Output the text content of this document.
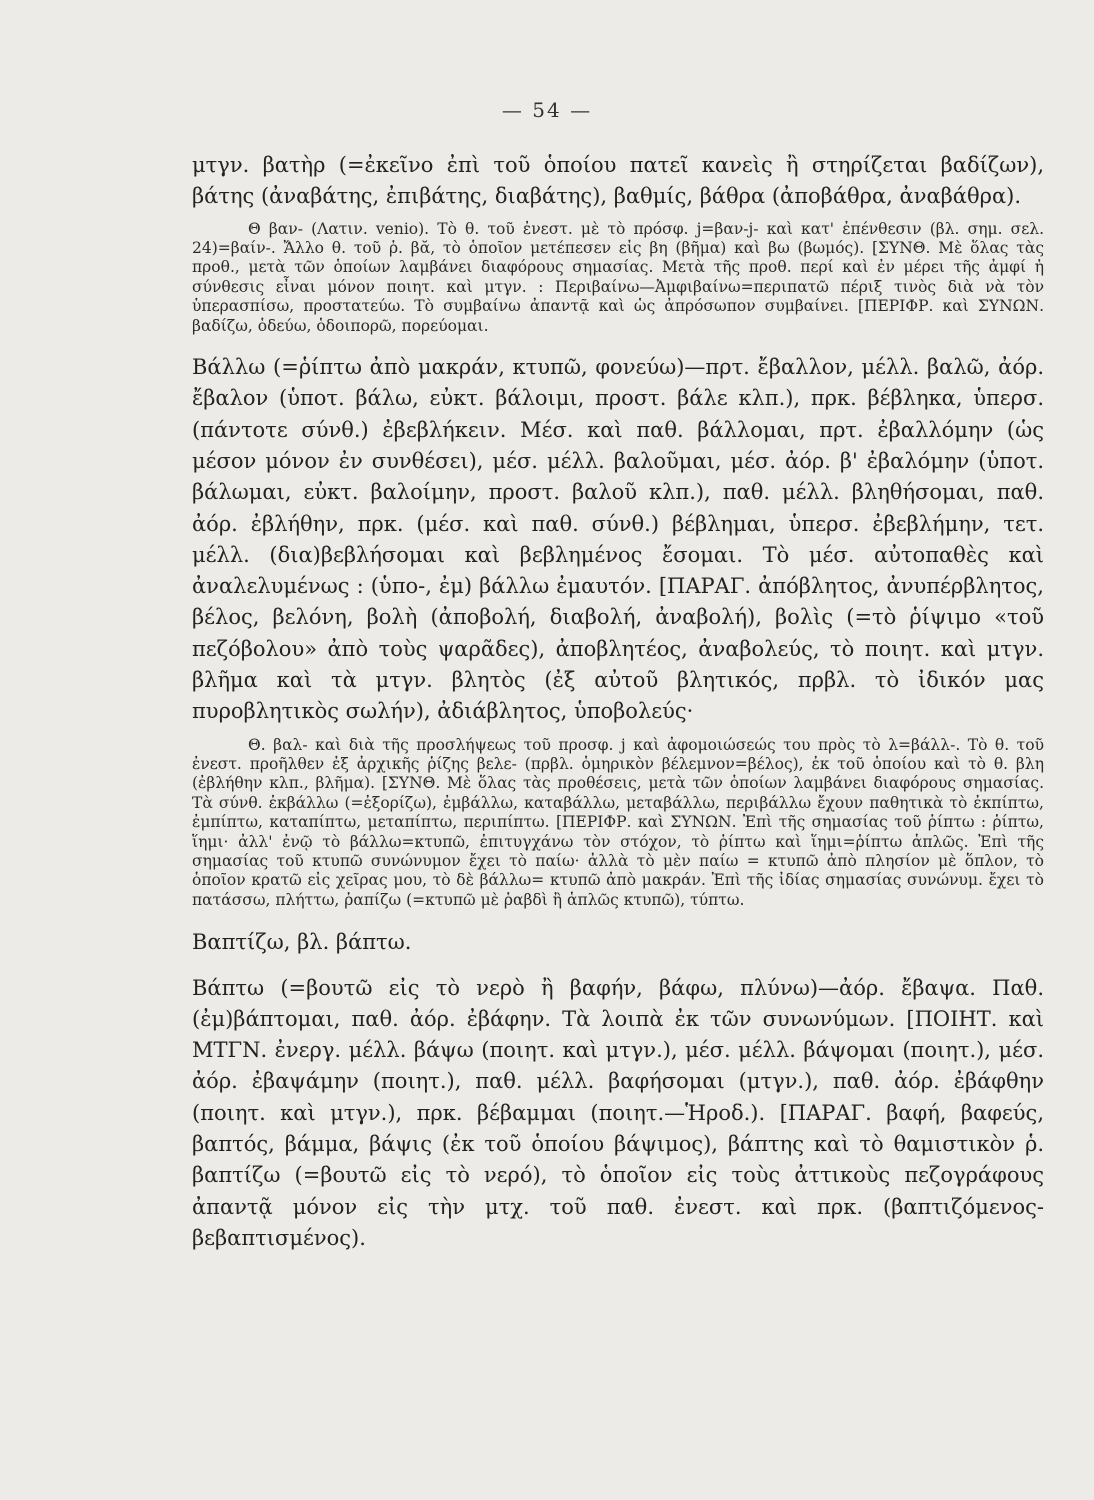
— 54 —

μτγν. βατὴρ (=ἐκεῖνο ἐπὶ τοῦ ὁποίου πατεῖ κανεὶς ἢ στηρίζεται βαδίζων), βάτης (ἀναβάτης, ἐπιβάτης, διαβάτης), βαθμίς, βάθρα (ἀποβάθρα, ἀναβάθρα).

Θ βαν- (Λατιν. venio). Τὸ θ. τοῦ ἐνεστ. μὲ τὸ πρόσφ. j=βαν-j- καὶ κατ' ἐπένθεσιν (βλ. σημ. σελ. 24)=βαίν-. Ἄλλο θ. τοῦ ῥ. βᾰ, τὸ ὁποῖον μετέπεσεν εἰς βη (βῆμα) καὶ βω (βωμός). [ΣΥΝΘ. Μὲ ὅλας τὰς προθ., μετὰ τῶν ὁποίων λαμβάνει διαφόρους σημασίας. Μετὰ τῆς προθ. περί καὶ ἐν μέρει τῆς ἀμφί ἡ σύνθεσις εἶναι μόνον ποιητ. καὶ μτγν. : Περιβαίνω—Ἀμφιβαίνω=περιπατῶ πέριξ τινὸς διὰ νὰ τὸν ὑπερασπίσω, προστατεύω. Τὸ συμβαίνω ἀπαντᾷ καὶ ὡς ἀπρόσωπον συμβαίνει. [ΠΕΡΙΦΡ. καὶ ΣΥΝΩΝ. βαδίζω, ὁδεύω, ὁδοιπορῶ, πορεύομαι.

Βάλλω (=ῥίπτω ἀπὸ μακράν, κτυπῶ, φονεύω)—πρτ. ἔβαλλον, μέλλ. βαλῶ, ἀόρ. ἔβαλον (ὑποτ. βάλω, εὐκτ. βάλοιμι, προστ. βάλε κλπ.), πρκ. βέβληκα, ὑπερσ. (πάντοτε σύνθ.) ἐβεβλήκειν. Μέσ. καὶ παθ. βάλλομαι, πρτ. ἐβαλλόμην (ὡς μέσον μόνον ἐν συνθέσει), μέσ. μέλλ. βαλοῦμαι, μέσ. ἀόρ. β' ἐβαλόμην (ὑποτ. βάλωμαι, εὐκτ. βαλοίμην, προστ. βαλοῦ κλπ.), παθ. μέλλ. βληθήσομαι, παθ. ἀόρ. ἐβλήθην, πρκ. (μέσ. καὶ παθ. σύνθ.) βέβλημαι, ὑπερσ. ἐβεβλήμην, τετ. μέλλ. (δια)βεβλήσομαι καὶ βεβλημένος ἔσομαι. Τὸ μέσ. αὐτοπαθὲς καὶ ἀναλελυμένως : (ὑπο-, ἐμ) βάλλω ἐμαυτόν. [ΠΑΡΑΓ. ἀπόβλητος, ἀνυπέρβλητος, βέλος, βελόνη, βολὴ (ἀποβολή, διαβολή, ἀναβολή), βολὶς (=τὸ ῥίψιμο «τοῦ πεζόβολου» ἀπὸ τοὺς ψαρᾶδες), ἀποβλητέος, ἀναβολεύς, τὸ ποιητ. καὶ μτγν. βλῆμα καὶ τὰ μτγν. βλητὸς (ἐξ αὐτοῦ βλητικός, πρβλ. τὸ ἰδικόν μας πυροβλητικὸς σωλήν), ἀδιάβλητος, ὑποβολεύς·

Θ. βαλ- καὶ διὰ τῆς προσλήψεως τοῦ προσφ. j καὶ ἀφομοιώσεώς του πρὸς τὸ λ=βάλλ-. Τὸ θ. τοῦ ἐνεστ. προῆλθεν ἐξ ἀρχικῆς ῥίζης βελε- (πρβλ. ὁμηρικὸν βέλεμνον=βέλος), ἐκ τοῦ ὁποίου καὶ τὸ θ. βλη (ἐβλήθην κλπ., βλῆμα). [ΣΥΝΘ. Μὲ ὅλας τὰς προθέσεις, μετὰ τῶν ὁποίων λαμβάνει διαφόρους σημασίας. Τὰ σύνθ. ἐκβάλλω (=ἐξορίζω), ἐμβάλλω, καταβάλλω, μεταβάλλω, περιβάλλω ἔχουν παθητικὰ τὸ ἐκπίπτω, ἐμπίπτω, καταπίπτω, μεταπίπτω, περιπίπτω. [ΠΕΡΙΦΡ. καὶ ΣΥΝΩΝ. Ἐπὶ τῆς σημασίας τοῦ ῥίπτω : ῥίπτω, ἵημι· ἀλλ' ἐνῷ τὸ βάλλω=κτυπῶ, ἐπιτυγχάνω τὸν στόχον, τὸ ῥίπτω καὶ ἵημι=ῥίπτω ἁπλῶς. Ἐπὶ τῆς σημασίας τοῦ κτυπῶ συνώνυμον ἔχει τὸ παίω· ἀλλὰ τὸ μὲν παίω = κτυπῶ ἀπὸ πλησίον μὲ ὅπλον, τὸ ὁποῖον κρατῶ εἰς χεῖρας μου, τὸ δὲ βάλλω= κτυπῶ ἀπὸ μακράν. Ἐπὶ τῆς ἰδίας σημασίας συνώνυμ. ἔχει τὸ πατάσσω, πλήττω, ῥαπίζω (=κτυπῶ μὲ ῥαβδὶ ἢ ἁπλῶς κτυπῶ), τύπτω.

Βαπτίζω, βλ. βάπτω.

Βάπτω (=βουτῶ εἰς τὸ νερὸ ἢ βαφήν, βάφω, πλύνω)—ἀόρ. ἔβαψα. Παθ. (ἐμ)βάπτομαι, παθ. ἀόρ. ἐβάφην. Τὰ λοιπὰ ἐκ τῶν συνωνύμων. [ΠΟΙΗΤ. καὶ ΜΤΓΝ. ἐνεργ. μέλλ. βάψω (ποιητ. καὶ μτγν.), μέσ. μέλλ. βάψομαι (ποιητ.), μέσ. ἀόρ. ἐβαψάμην (ποιητ.), παθ. μέλλ. βαφήσομαι (μτγν.), παθ. ἀόρ. ἐβάφθην (ποιητ. καὶ μτγν.), πρκ. βέβαμμαι (ποιητ.—Ἡροδ.). [ΠΑΡΑΓ. βαφή, βαφεύς, βαπτός, βάμμα, βάψις (ἐκ τοῦ ὁποίου βάψιμος), βάπτης καὶ τὸ θαμιστικὸν ῥ. βαπτίζω (=βουτῶ εἰς τὸ νερό), τὸ ὁποῖον εἰς τοὺς ἀττικοὺς πεζογράφους ἀπαντᾷ μόνον εἰς τὴν μτχ. τοῦ παθ. ἐνεστ. καὶ πρκ. (βαπτιζόμενος-βεβαπτισμένος).
